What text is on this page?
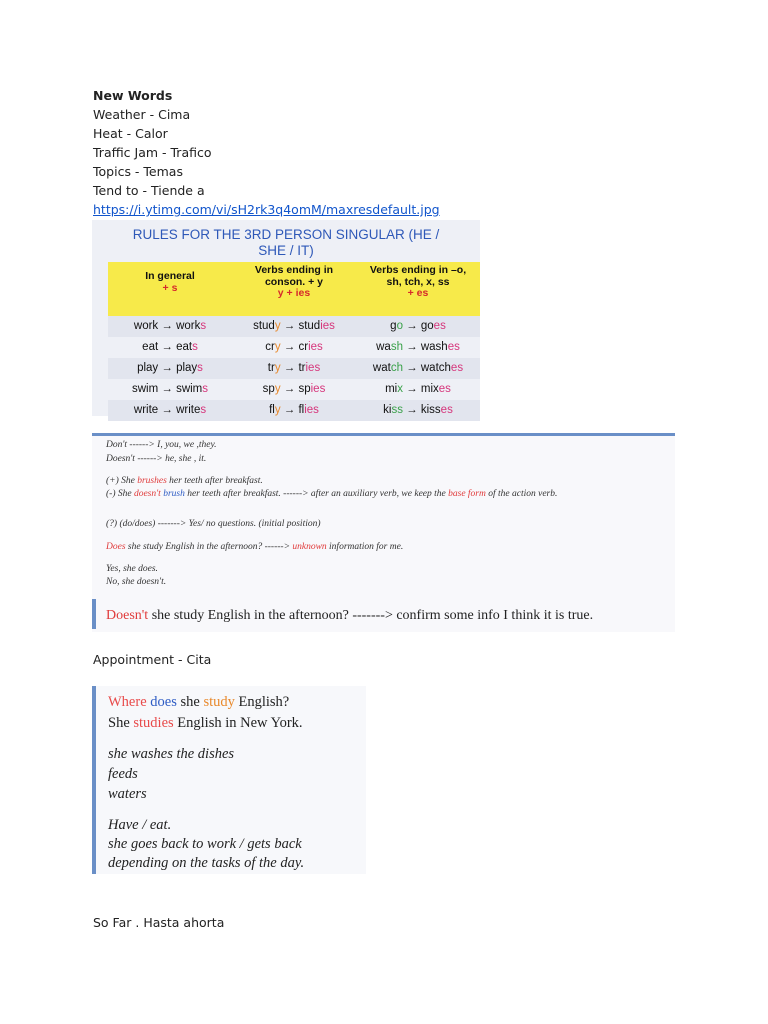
New Words
Weather - Cima
Heat - Calor
Traffic Jam - Trafico
Topics - Temas
Tend to - Tiende a
https://i.ytimg.com/vi/sH2rk3q4omM/maxresdefault.jpg
RULES FOR THE 3RD PERSON SINGULAR (HE /
SHE / IT)
In general
+ s
Verbs ending in
conson. + y
y + ies
Verbs ending in –o,
sh, tch, x, ss
+ es
work → works	study → studies	go → goes
eat → eats	cry → cries	wash → washes
play → plays	try → tries	watch → watches
swim → swims	spy → spies	mix → mixes
write → writes	fly → flies	kiss → kisses
Don't ------> I, you, we ,they.
Doesn't ------> he, she , it.
(+) She brushes her teeth after breakfast.
(-) She doesn't brush her teeth after breakfast. ------> after an auxiliary verb, we keep the base form of the action verb.
(?) (do/does) -------> Yes/ no questions. (initial position)
Does she study English in the afternoon? ------> unknown information for me.
Yes, she does.
No, she doesn't.
Doesn't she study English in the afternoon? -------> confirm some info I think it is true.
Appointment - Cita
Where does she study English?
She studies English in New York.
she washes the dishes
feeds
waters
Have / eat.
she goes back to work / gets back
depending on the tasks of the day.
So Far . Hasta ahorta
